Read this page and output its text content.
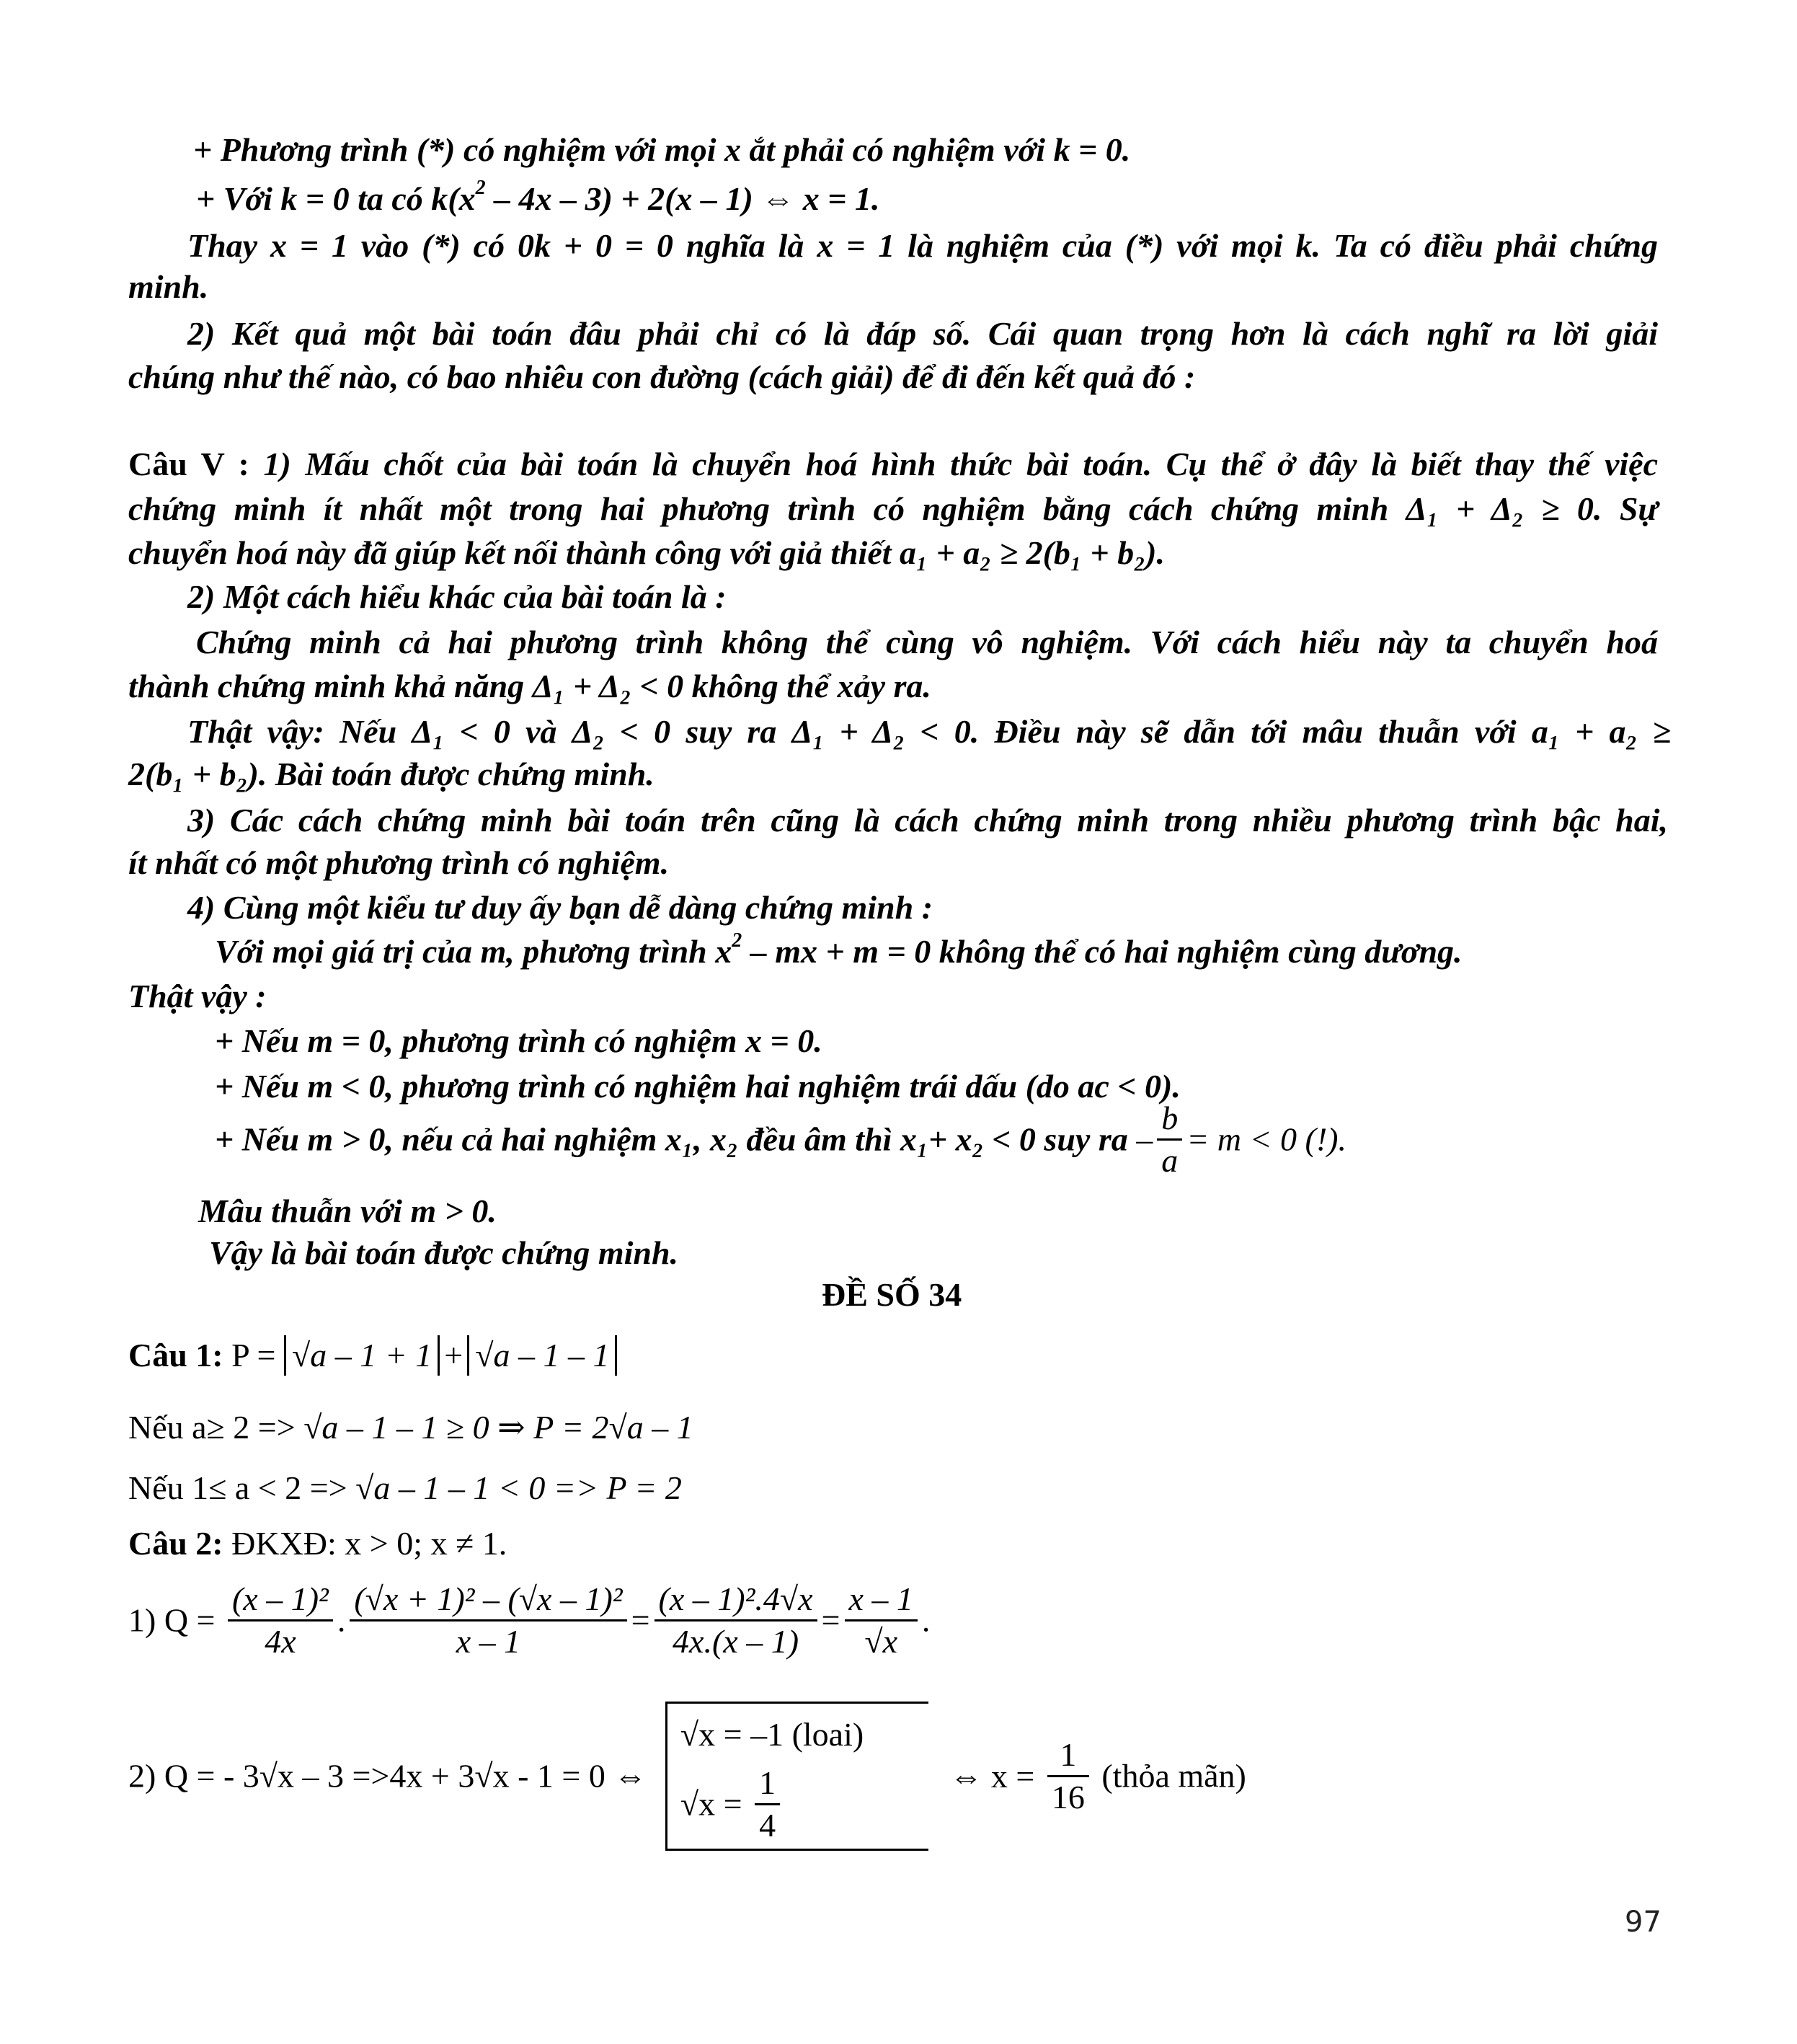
+ Phương trình (*) có nghiệm với mọi x ắt phải có nghiệm với k = 0.
+ Với k = 0 ta có $k(x^2 - 4x - 3) + 2(x - 1)$ ⇔ x = 1.
Thay x = 1 vào (*) có 0k + 0 = 0 nghĩa là x = 1 là nghiệm của (*) với mọi k. Ta có điều phải chứng
minh.
2) Kết quả một bài toán đâu phải chỉ có là đáp số. Cái quan trọng hơn là cách nghĩ ra lời giải
chúng như thế nào, có bao nhiêu con đường (cách giải) để đi đến kết quả đó :
Câu V : 1) Mấu chốt của bài toán là chuyển hoá hình thức bài toán. Cụ thể ở đây là biết thay thế việc
chứng minh ít nhất một trong hai phương trình có nghiệm bằng cách chứng minh Δ₁ + Δ₂ ≥ 0. Sự
chuyển hoá này đã giúp kết nối thành công với giả thiết a₁ + a₂ ≥ 2(b₁ + b₂).
2) Một cách hiểu khác của bài toán là :
Chứng minh cả hai phương trình không thể cùng vô nghiệm. Với cách hiểu này ta chuyển hoá
thành chứng minh khả năng Δ₁ + Δ₂ < 0 không thể xảy ra.
Thật vậy: Nếu Δ₁ < 0 và Δ₂ < 0 suy ra Δ₁ + Δ₂ < 0. Điều này sẽ dẫn tới mâu thuẫn với a₁ + a₂ ≥
2(b₁ + b₂). Bài toán được chứng minh.
3) Các cách chứng minh bài toán trên cũng là cách chứng minh trong nhiều phương trình bậc hai,
ít nhất có một phương trình có nghiệm.
4) Cùng một kiểu tư duy ấy bạn dễ dàng chứng minh :
Với mọi giá trị của m, phương trình $x^2$ – mx + m = 0 không thể có hai nghiệm cùng dương.
Thật vậy :
+ Nếu m = 0, phương trình có nghiệm x = 0.
+ Nếu m < 0, phương trình có nghiệm hai nghiệm trái dấu (do ac < 0).
+ Nếu m > 0, nếu cả hai nghiệm x₁, x₂ đều âm thì x₁+ x₂ < 0 suy ra – $\frac{b}{a} = m < 0$ (!).
Mâu thuẫn với m > 0.
Vậy là bài toán được chứng minh.
ĐỀ SỐ 34
Câu 1: P = √a – 1 + 1 + √a – 1 – 1
Nếu a≥ 2 => √a – 1 – 1 ≥ 0 ⇒ P = 2√a – 1
Nếu 1≤ a < 2 => √a – 1 – 1 < 0 => P = 2
Câu 2: ĐKXĐ: x > 0; x ≠ 1.
1) $Q = \frac{\text{(x – 1)²}}{4x}$ . $\frac{\text{(√x + 1)² – (√x – 1)²}}{x - 1} = \frac{\text{(x – 1)².4√x}}{4x.(x - 1)} = \frac{x - 1}{√x}$ .
2) Q = - 3√x – 3 =>4x + 3√x - 1 = 0 ⇔
√x = –1 (loai)
$√x = \frac{1}{4}$	⇔ $x = \frac{1}{16}$ (thỏa mãn)
97
